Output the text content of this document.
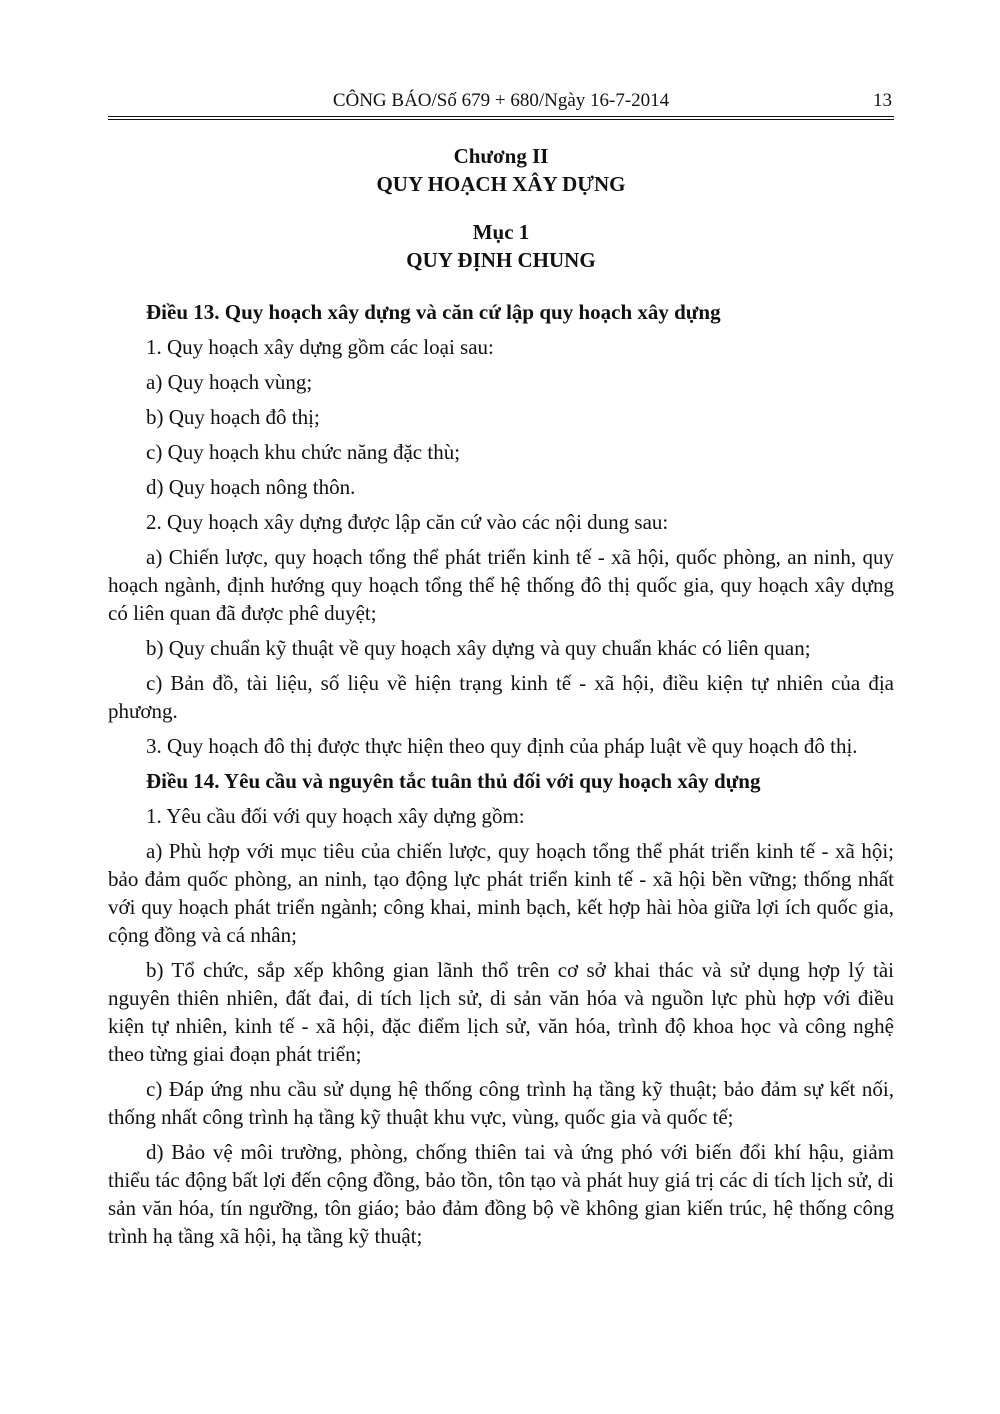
CÔNG BÁO/Số 679 + 680/Ngày 16-7-2014	13
Chương II
QUY HOẠCH XÂY DỰNG
Mục 1
QUY ĐỊNH CHUNG

Điều 13. Quy hoạch xây dựng và căn cứ lập quy hoạch xây dựng

1. Quy hoạch xây dựng gồm các loại sau:

a) Quy hoạch vùng;

b) Quy hoạch đô thị;

c) Quy hoạch khu chức năng đặc thù;

d) Quy hoạch nông thôn.

2. Quy hoạch xây dựng được lập căn cứ vào các nội dung sau:

a) Chiến lược, quy hoạch tổng thể phát triển kinh tế - xã hội, quốc phòng, an ninh, quy hoạch ngành, định hướng quy hoạch tổng thể hệ thống đô thị quốc gia, quy hoạch xây dựng có liên quan đã được phê duyệt;

b) Quy chuẩn kỹ thuật về quy hoạch xây dựng và quy chuẩn khác có liên quan;

c) Bản đồ, tài liệu, số liệu về hiện trạng kinh tế - xã hội, điều kiện tự nhiên của địa phương.

3. Quy hoạch đô thị được thực hiện theo quy định của pháp luật về quy hoạch đô thị.

Điều 14. Yêu cầu và nguyên tắc tuân thủ đối với quy hoạch xây dựng

1. Yêu cầu đối với quy hoạch xây dựng gồm:

a) Phù hợp với mục tiêu của chiến lược, quy hoạch tổng thể phát triển kinh tế - xã hội; bảo đảm quốc phòng, an ninh, tạo động lực phát triển kinh tế - xã hội bền vững; thống nhất với quy hoạch phát triển ngành; công khai, minh bạch, kết hợp hài hòa giữa lợi ích quốc gia, cộng đồng và cá nhân;

b) Tổ chức, sắp xếp không gian lãnh thổ trên cơ sở khai thác và sử dụng hợp lý tài nguyên thiên nhiên, đất đai, di tích lịch sử, di sản văn hóa và nguồn lực phù hợp với điều kiện tự nhiên, kinh tế - xã hội, đặc điểm lịch sử, văn hóa, trình độ khoa học và công nghệ theo từng giai đoạn phát triển;

c) Đáp ứng nhu cầu sử dụng hệ thống công trình hạ tầng kỹ thuật; bảo đảm sự kết nối, thống nhất công trình hạ tầng kỹ thuật khu vực, vùng, quốc gia và quốc tế;

d) Bảo vệ môi trường, phòng, chống thiên tai và ứng phó với biến đổi khí hậu, giảm thiểu tác động bất lợi đến cộng đồng, bảo tồn, tôn tạo và phát huy giá trị các di tích lịch sử, di sản văn hóa, tín ngưỡng, tôn giáo; bảo đảm đồng bộ về không gian kiến trúc, hệ thống công trình hạ tầng xã hội, hạ tầng kỹ thuật;
